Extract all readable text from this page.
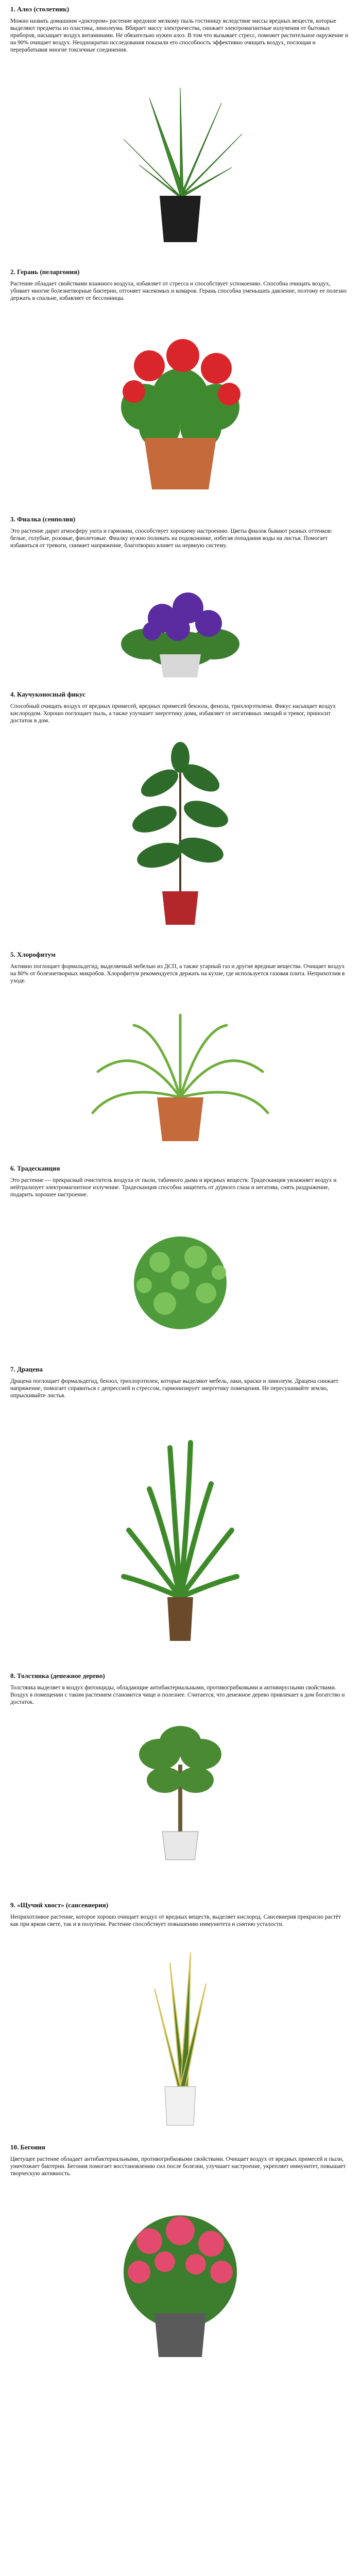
1. Алоэ (столетник)

Можно назвать домашним «доктором» растение вредоноe мелкому пыль гостиницу вследствие массы вредных веществ, которые выделяют предметы из пластика, линолеума. Вбирает массу электричества, снижает электромагнитные излучения от бытовых приборов, насыщает воздух витаминами. Не обязательно нужен алоэ. В том что вызывает стресс, поможет растительное окружение и на 90% очищает воздух. Неоднократно исследования показали его способность эффективно очищать воздух, поглощая и перерабатывая многие токсичные соединения.

2. Герань (пеларгония)

Растение обладает свойствами влажного воздуха, избавляет от стресса и способствует успокоению. Способна очищать воздух, убивает многие болезнетворные бактерии, отгоняет насекомых и комаров. Герань способна уменьшать давление, поэтому ее полезно держать в спальне, избавляет от бессонницы.

3. Фиалка (сенполия)

Это растение дарит атмосферу уюта и гармонии, способствует хорошему настроению. Цветы фиалок бывают разных оттенков: белые, голубые, розовые, фиолетовые. Фиалку нужно поливать на подоконнике, избегая попадания воды на листья. Помогает избавиться от тревоги, снимает напряжение, благотворно влияет на нервную систему.

4. Каучуконосный фикус

Способный очищать воздух от вредных примесей, вредных примесей бензола, фенола, трихлорэтилена. Фикус насыщает воздух кислородом. Хорошо поглощает пыль, а также улучшает энергетику дома, избавляет от негативных эмоций и тревог, приносит достаток в дом.

5. Хлорофитум

Активно поглощает формальдегид, выделяемый мебелью из ДСП, а также угарный газ и другие вредные вещества. Очищает воздух на 80% от болезнетворных микробов. Хлорофитум рекомендуется держать на кухне, где используется газовая плита. Неприхотлив в уходе.

6. Традесканция

Это растение — прекрасный очиститель воздуха от пыли, табачного дыма и вредных веществ. Традесканция увлажняет воздух и нейтрализует электромагнитное излучение. Традесканция способна защитить от дурного глаза и негатива, снять раздражение, подарить хорошее настроение.

7. Драцена

Драцена поглощает формальдегид, бензол, трихлорэтилен, которые выделяют мебель, лаки, краски и линолеум. Драцена снижает напряжение, помогает справиться с депрессией и стрессом, гармонизирует энергетику помещения. Не пересушивайте землю, опрыскивайте листья.

8. Толстянка (денежное дерево)

Толстянка выделяет в воздух фитонциды, обладающие антибактериальными, противогрибковыми и антивирусными свойствами. Воздух в помещении с таким растением становится чище и полезнее. Считается, что денежное дерево привлекает в дом богатство и достаток.

9. «Щучий хвост» (сансевиерия)

Неприхотливое растение, которое хорошо очищает воздух от вредных веществ, выделяет кислород. Сансевиерия прекрасно растёт как при ярком свете, так и в полутени. Растение способствует повышению иммунитета и снятию усталости.

10. Бегония

Цветущее растение обладает антибактериальными, противогрибковыми свойствами. Очищает воздух от вредных примесей и пыли, уничтожает бактерии. Бегония помогает восстановлению сил после болезни, улучшает настроение, укрепляет иммунитет, повышает творческую активность.
